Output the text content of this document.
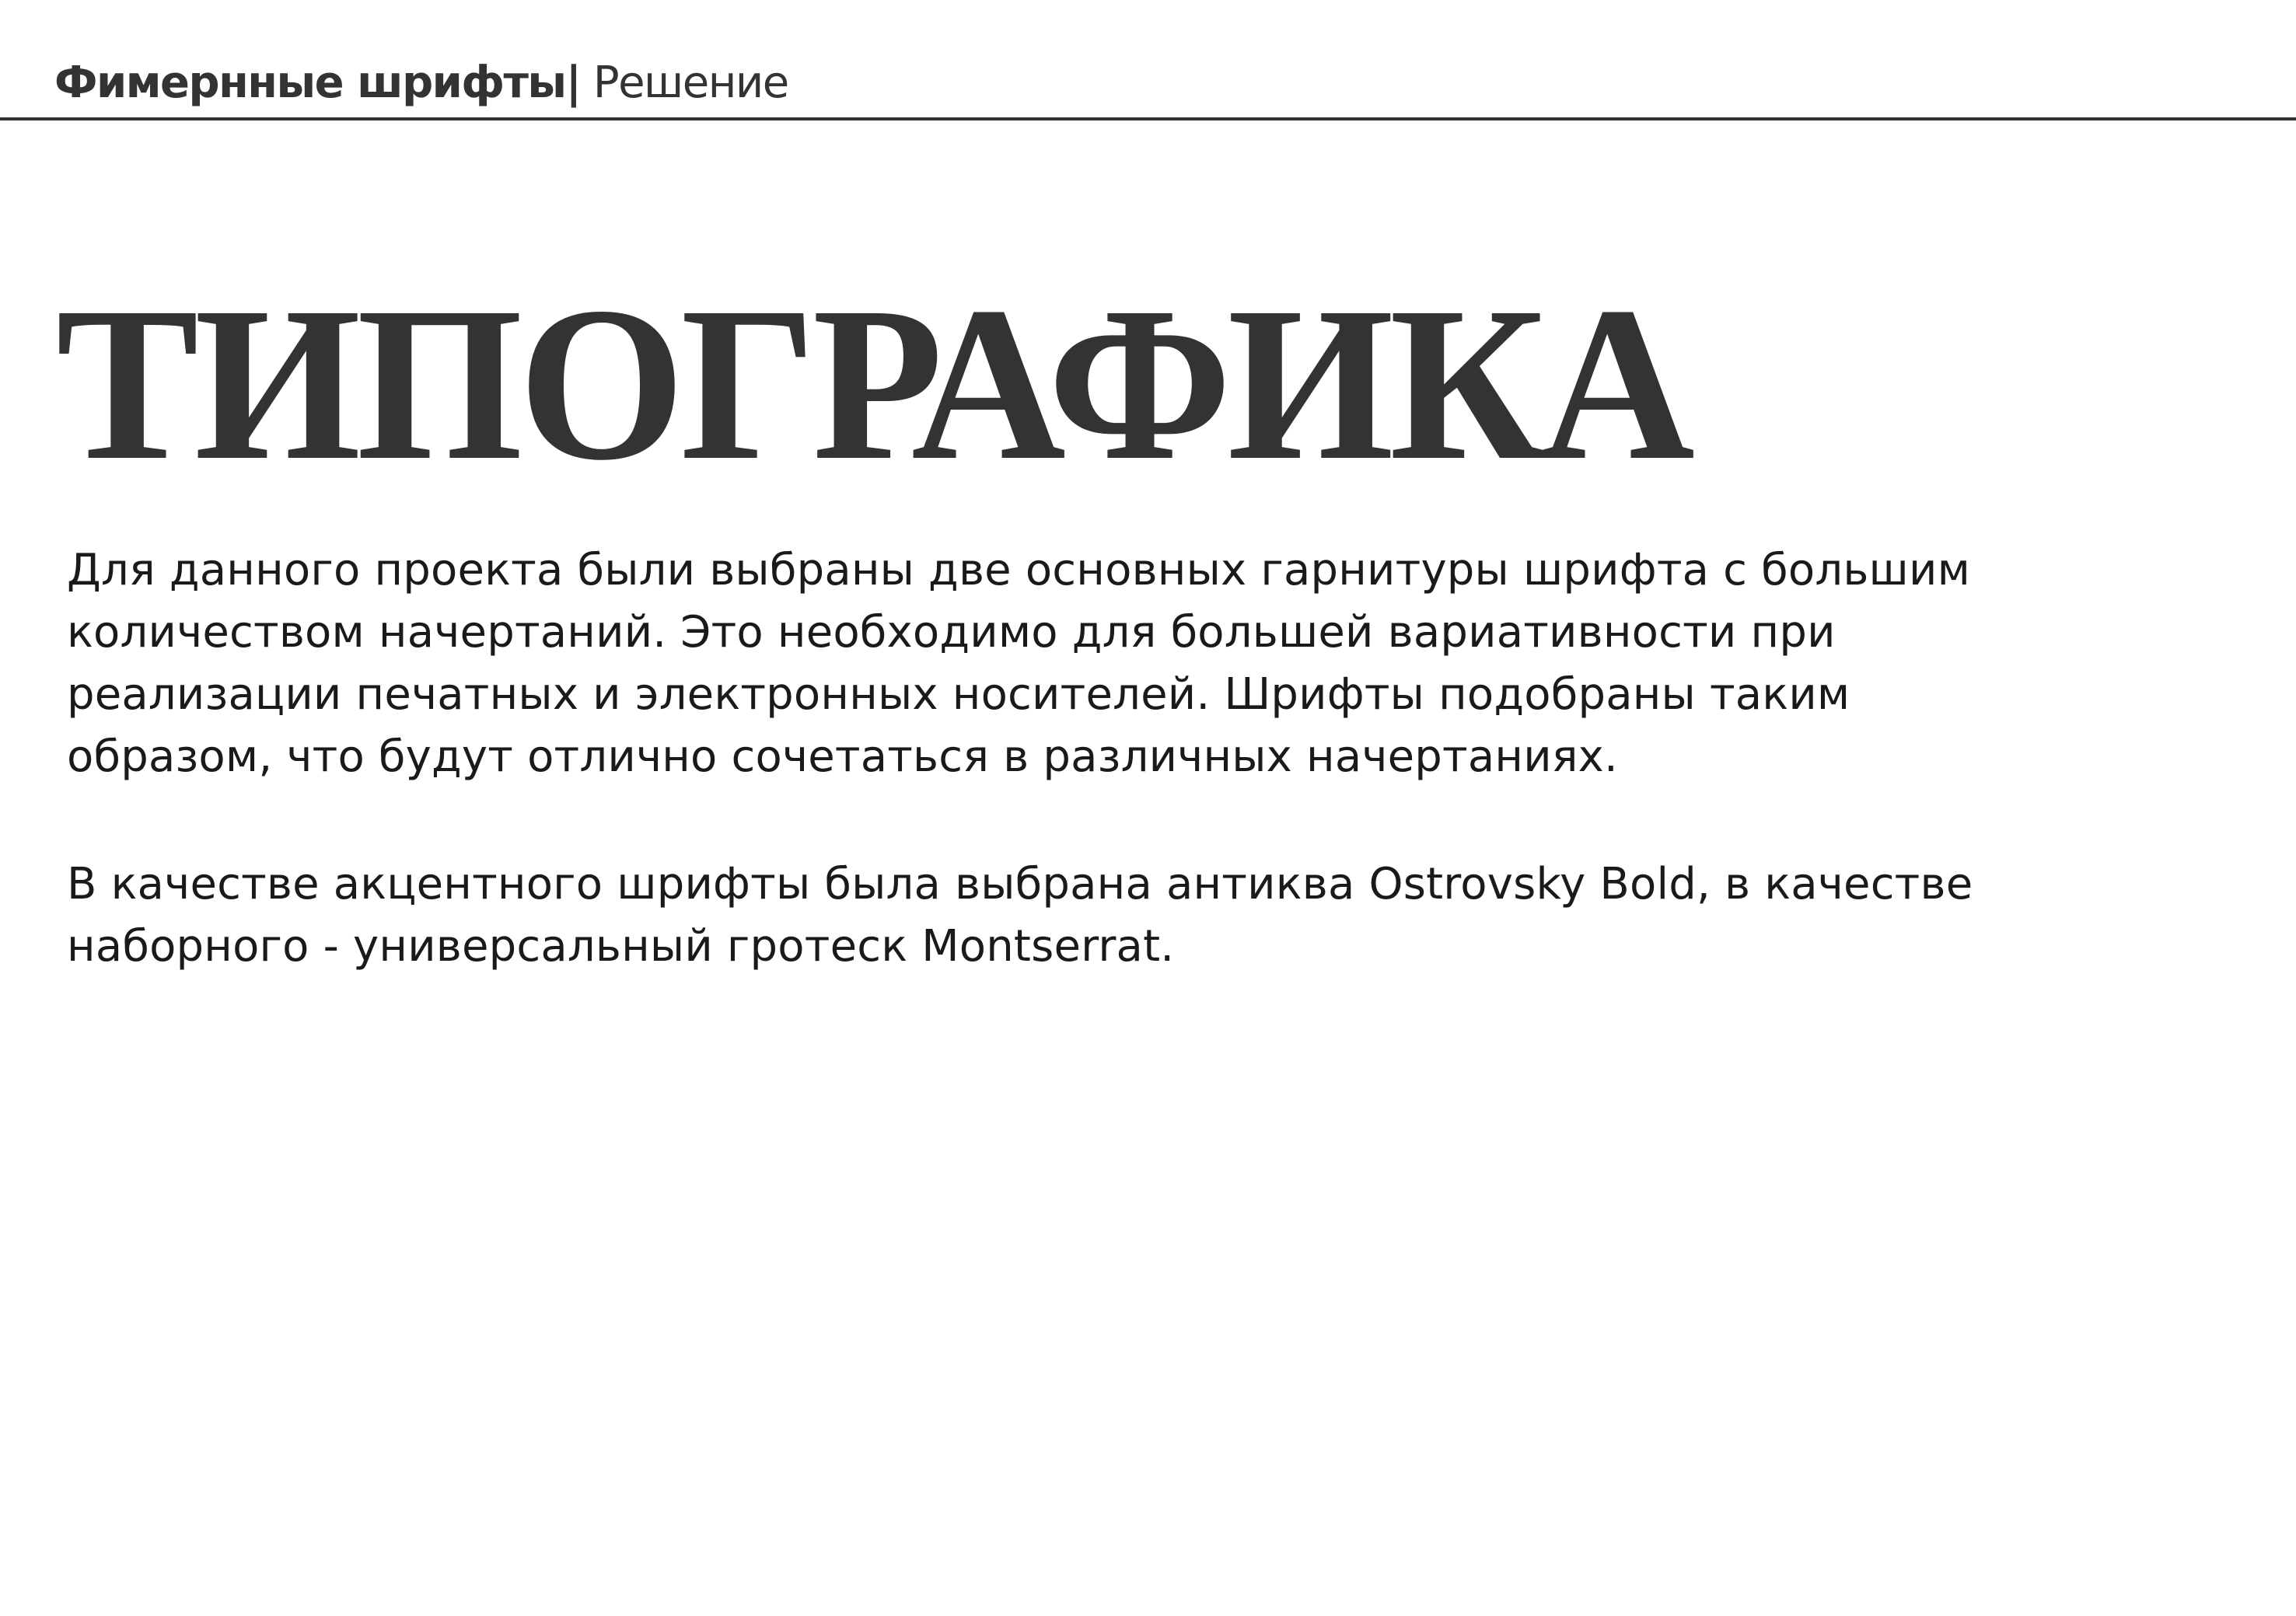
Фимернные шрифты| Решение
ТИПОГРАФИКА
Для данного проекта были выбраны две основных гарнитуры шрифта с большим
количеством начертаний. Это необходимо для большей вариативности при
реализации печатных и электронных носителей. Шрифты подобраны таким
образом, что будут отлично сочетаться в различных начертаниях.
В качестве акцентного шрифты была выбрана антиква Ostrovsky Bold, в качестве
наборного - универсальный гротеск Montserrat.
